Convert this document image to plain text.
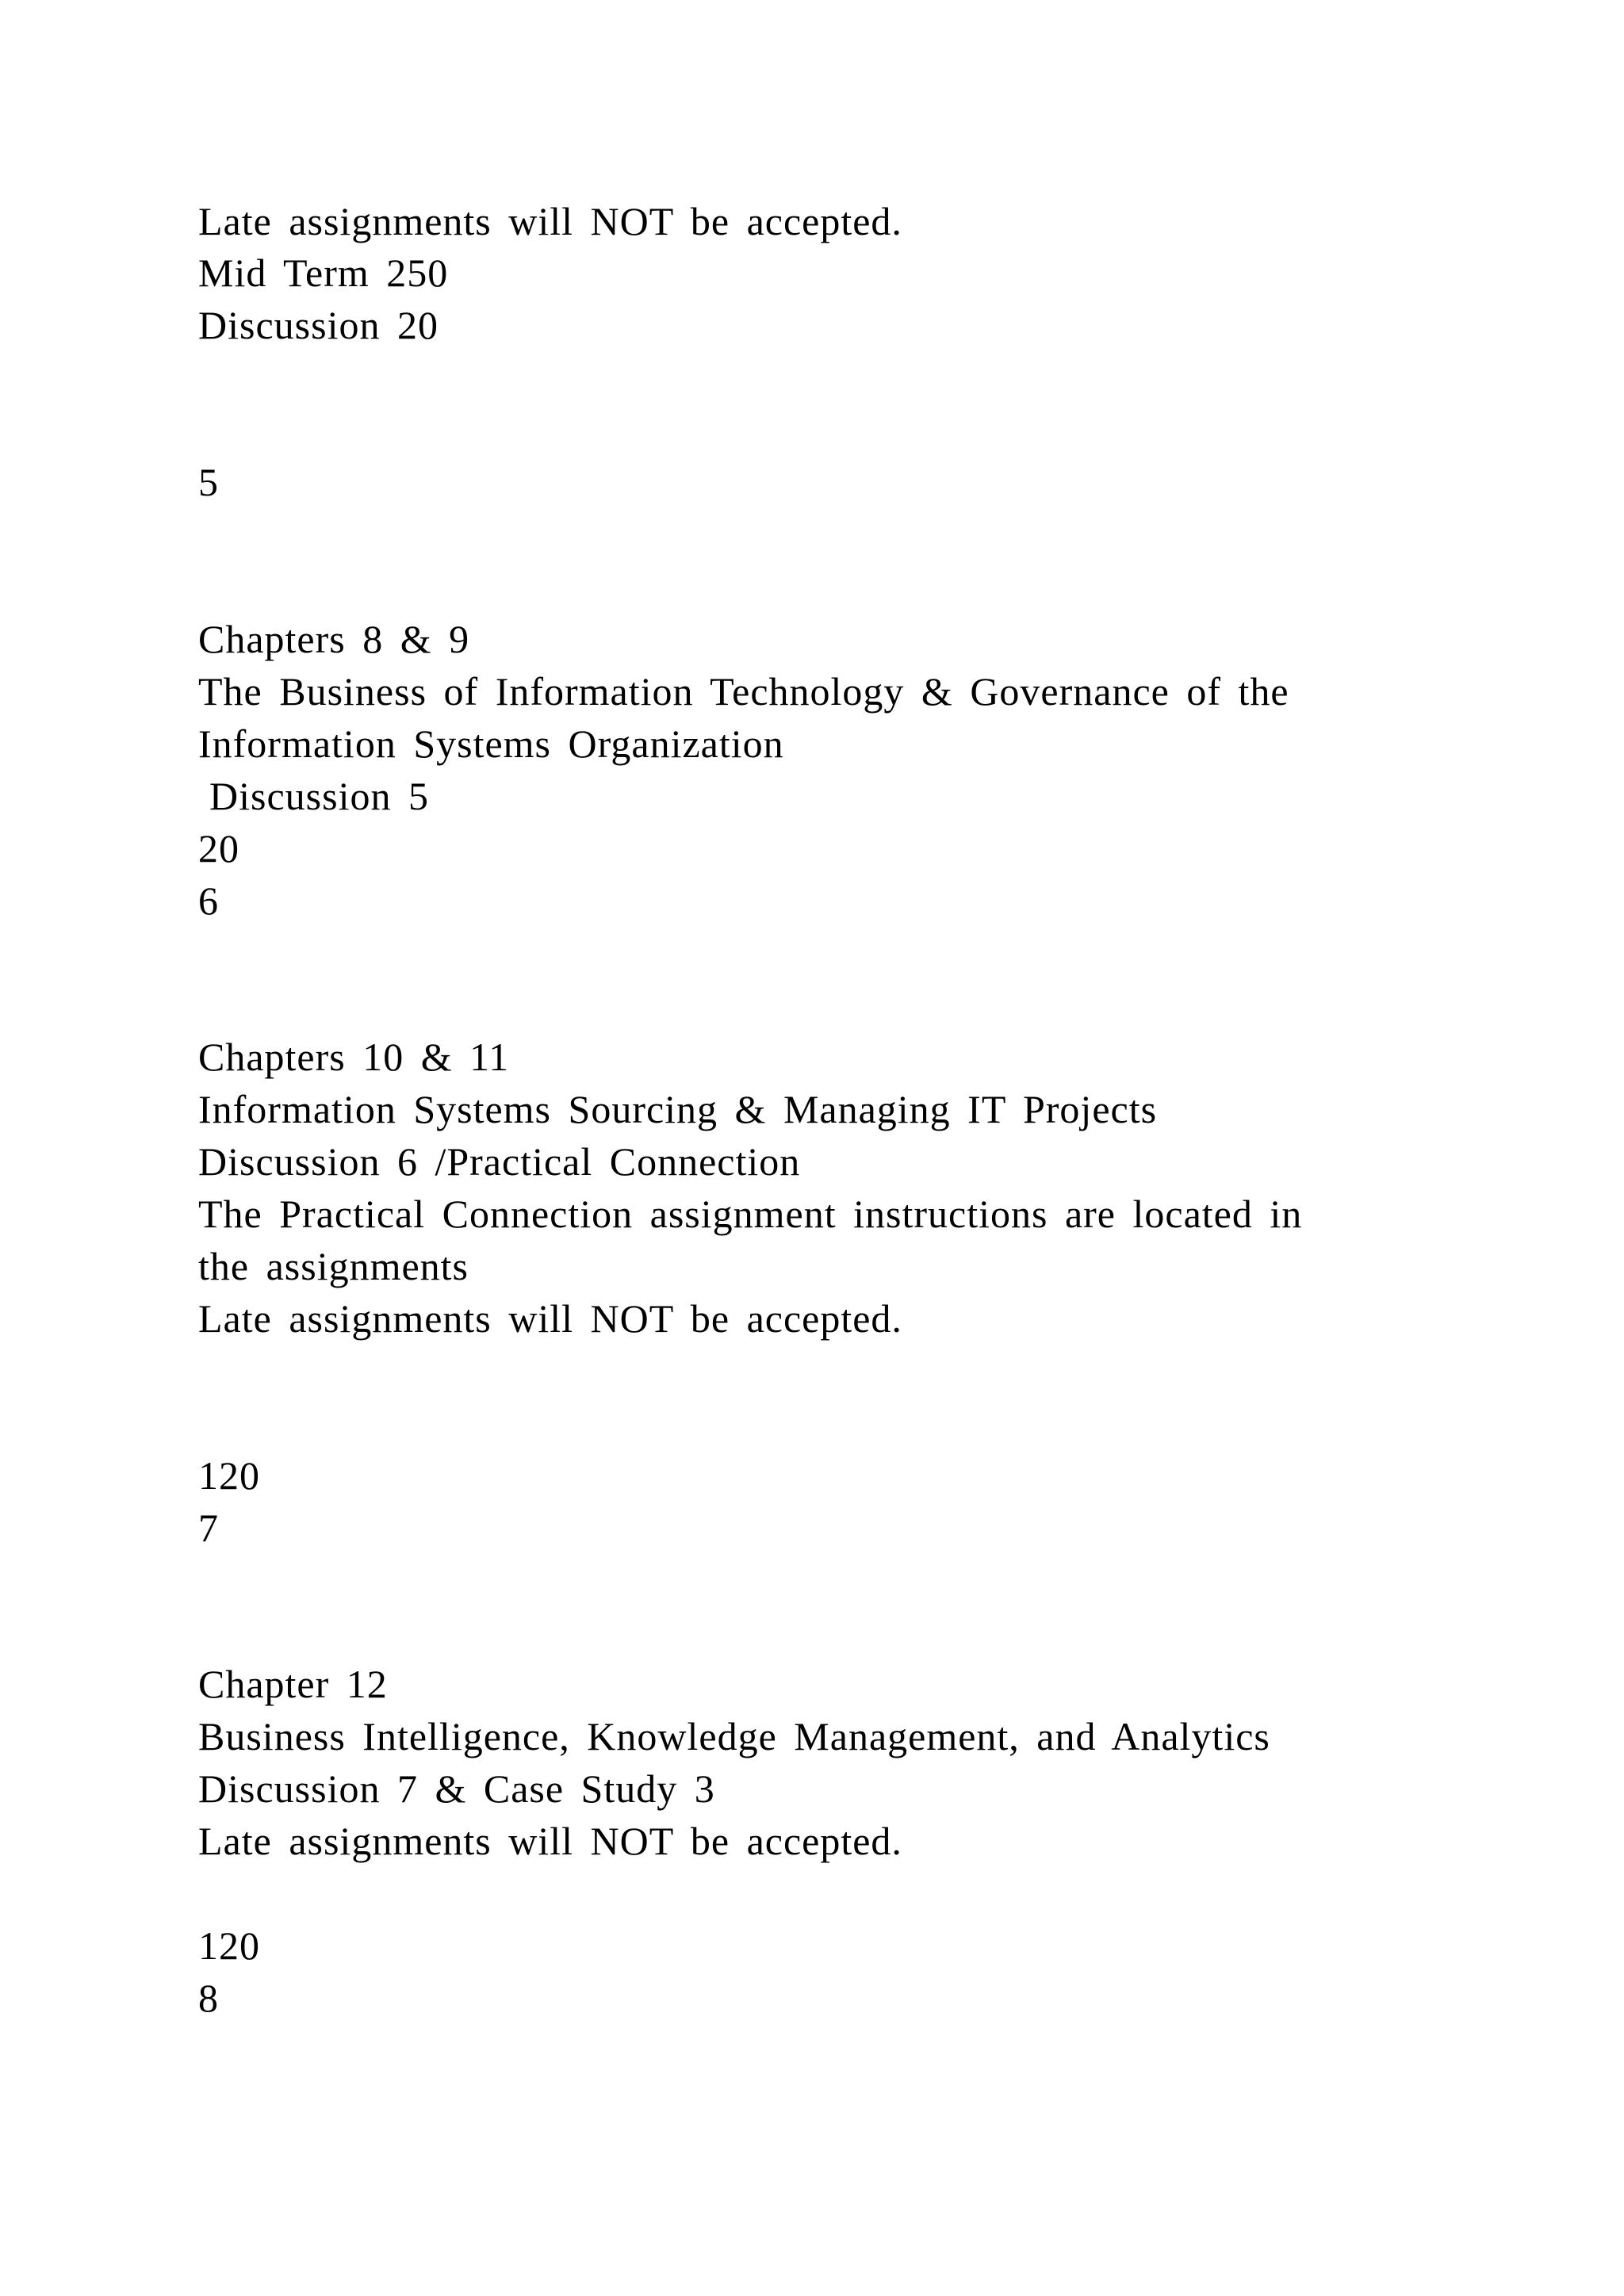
Late assignments will NOT be accepted.
Mid Term 250
Discussion 20
5
Chapters 8 & 9
The Business of Information Technology & Governance of the
Information Systems Organization
Discussion 5
20
6
Chapters 10 & 11
Information Systems Sourcing & Managing IT Projects
Discussion 6 /Practical Connection
The Practical Connection assignment instructions are located in
the assignments
Late assignments will NOT be accepted.
120
7
Chapter 12
Business Intelligence, Knowledge Management, and Analytics
Discussion 7 & Case Study 3
Late assignments will NOT be accepted.
120
8
